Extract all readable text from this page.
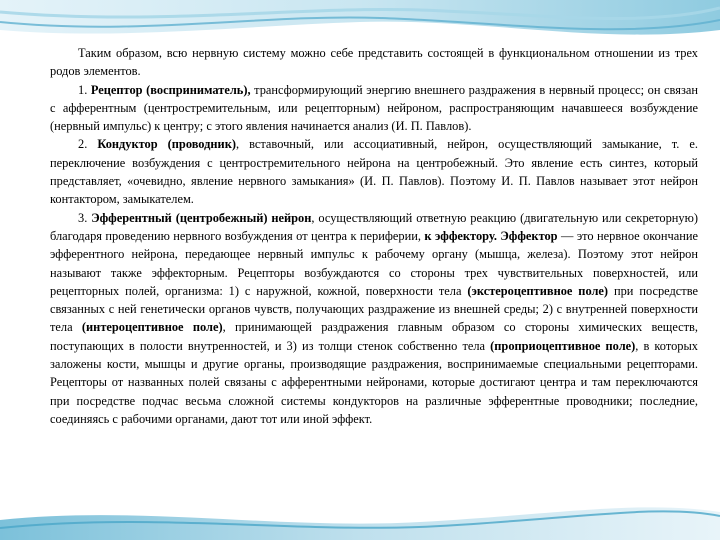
Таким образом, всю нервную систему можно себе представить состоящей в функциональном отношении из трех родов элементов.

1. Рецептор (восприниматель), трансформирующий энергию внешнего раздражения в нервный процесс; он связан с афферентным (центростремительным, или рецепторным) нейроном, распространяющим начавшееся возбуждение (нервный импульс) к центру; с этого явления начинается анализ (И. П. Павлов).

2. Кондуктор (проводник), вставочный, или ассоциативный, нейрон, осуществляющий замыкание, т. е. переключение возбуждения с центростремительного нейрона на центробежный. Это явление есть синтез, который представляет, «очевидно, явление нервного замыкания» (И. П. Павлов). Поэтому И. П. Павлов называет этот нейрон контактором, замыкателем.

3. Эфферентный (центробежный) нейрон, осуществляющий ответную реакцию (двигательную или секреторную) благодаря проведению нервного возбуждения от центра к периферии, к эффектору. Эффектор — это нервное окончание эфферентного нейрона, передающее нервный импульс к рабочему органу (мышца, железа). Поэтому этот нейрон называют также эффекторным. Рецепторы возбуждаются со стороны трех чувствительных поверхностей, или рецепторных полей, организма: 1) с наружной, кожной, поверхности тела (экстероцептивное поле) при посредстве связанных с ней генетически органов чувств, получающих раздражение из внешней среды; 2) с внутренней поверхности тела (интероцептивное поле), принимающей раздражения главным образом со стороны химических веществ, поступающих в полости внутренностей, и 3) из толщи стенок собственно тела (проприоцептивное поле), в которых заложены кости, мышцы и другие органы, производящие раздражения, воспринимаемые специальными рецепторами. Рецепторы от названных полей связаны с афферентными нейронами, которые достигают центра и там переключаются при посредстве подчас весьма сложной системы кондукторов на различные эфферентные проводники; последние, соединяясь с рабочими органами, дают тот или иной эффект.
